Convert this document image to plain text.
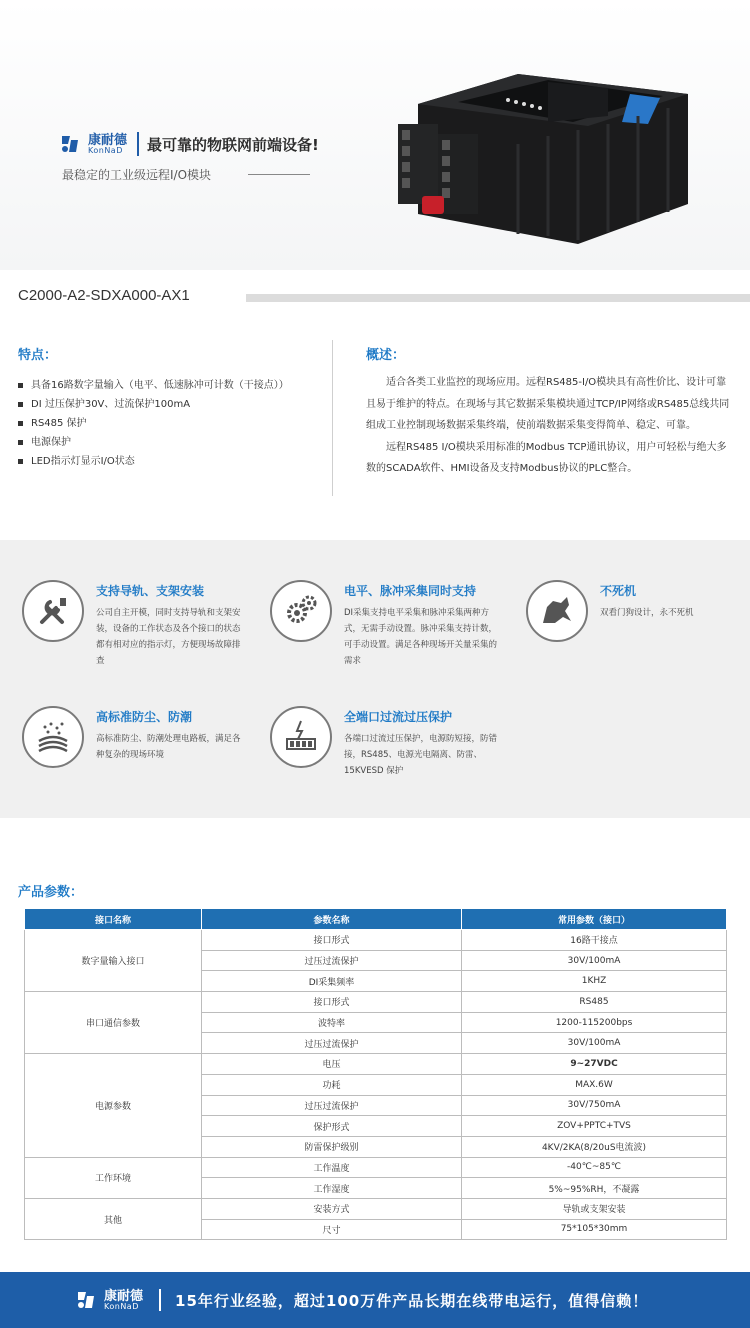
康耐德
KonNaD 最可靠的物联网前端设备!
最稳定的工业级远程I/O模块
C2000-A2-SDXA000-AX1
特点：
具备16路数字量输入（电平、低速脉冲可计数（干接点））
DI 过压保护30V、过流保护100mA
RS485 保护
电源保护
LED指示灯显示I/O状态
概述：

适合各类工业监控的现场应用。远程RS485-I/O模块具有高性价比、设计可靠且易于维护的特点。在现场与其它数据采集模块通过TCP/IP网络或RS485总线共同组成工业控制现场数据采集终端，使前端数据采集变得简单、稳定、可靠。

远程RS485 I/O模块采用标准的Modbus TCP通讯协议，用户可轻松与绝大多数的SCADA软件、HMI设备及支持Modbus协议的PLC整合。

支持导轨、支架安装
公司自主开模，同时支持导轨和支架安装，设备的工作状态及各个接口的状态都有相对应的指示灯，方便现场故障排查
电平、脉冲采集同时支持
DI采集支持电平采集和脉冲采集两种方式，无需手动设置。脉冲采集支持计数，可手动设置。满足各种现场开关量采集的需求
不死机
双看门狗设计，永不死机
高标准防尘、防潮
高标准防尘、防潮处理电路板，满足各种复杂的现场环境
全端口过流过压保护
各端口过流过压保护，电源防短接，防错接，RS485、电源光电隔离、防雷、15KVESD 保护
产品参数：
接口名称	参数名称	常用参数（接口）
数字量输入接口	接口形式	16路干接点
	过压过流保护	30V/100mA
	DI采集频率	1KHZ
串口通信参数	接口形式	RS485
	波特率	1200-115200bps
	过压过流保护	30V/100mA
电源参数	电压	9~27VDC
	功耗	MAX.6W
	过压过流保护	30V/750mA
	保护形式	ZOV+PPTC+TVS
	防雷保护级别	4KV/2KA(8/20uS电流波)
工作环境	工作温度	-40℃~85℃
	工作湿度	5%~95%RH，不凝露
其他	安装方式	导轨或支架安装
	尺寸	75*105*30mm
康耐德
KonNaD 15年行业经验，超过100万件产品长期在线带电运行，值得信赖！
